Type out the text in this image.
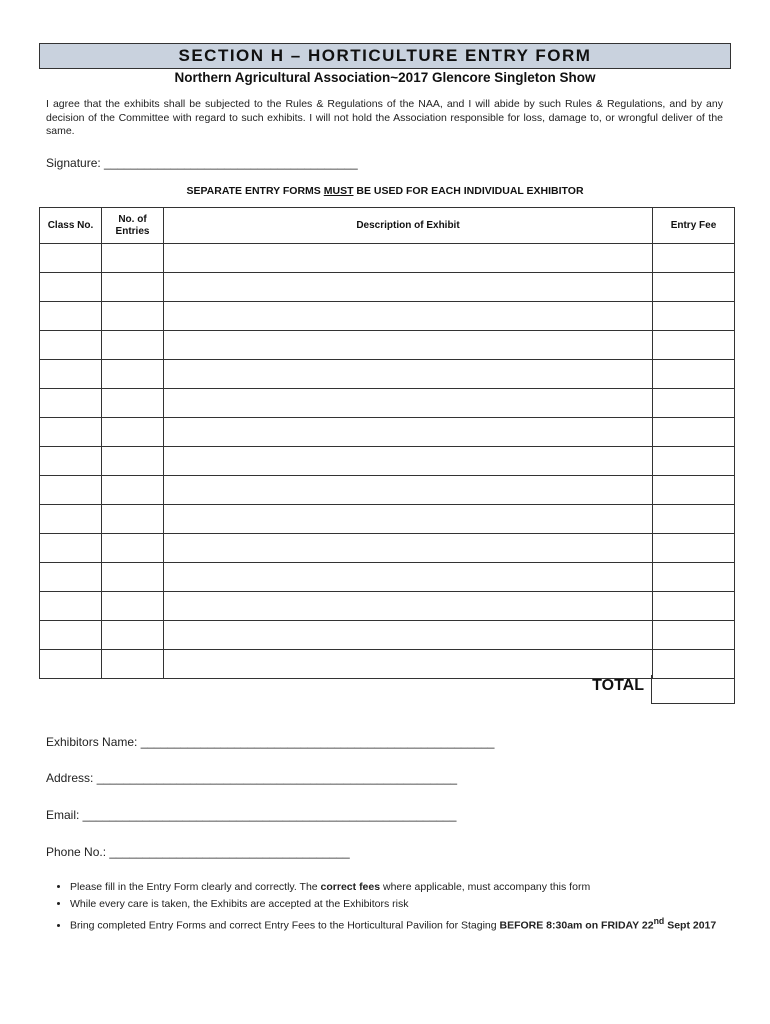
SECTION H – HORTICULTURE ENTRY FORM
Northern Agricultural Association~2017 Glencore Singleton Show
I agree that the exhibits shall be subjected to the Rules & Regulations of the NAA, and I will abide by such Rules & Regulations, and by any decision of the Committee with regard to such exhibits. I will not hold the Association responsible for loss, damage to, or wrongful deliver of the same.
Signature: ______________________________________
SEPARATE ENTRY FORMS MUST BE USED FOR EACH INDIVIDUAL EXHIBITOR
Class No.	No. of Entries	Description of Exhibit	Entry Fee

TOTAL
Exhibitors Name: _____________________________________________________
Address: ______________________________________________________
Email: ________________________________________________________
Phone No.: ____________________________________
• Please fill in the Entry Form clearly and correctly. The correct fees where applicable, must accompany this form
• While every care is taken, the Exhibits are accepted at the Exhibitors risk
• Bring completed Entry Forms and correct Entry Fees to the Horticultural Pavilion for Staging BEFORE 8:30am on FRIDAY 22nd Sept 2017
